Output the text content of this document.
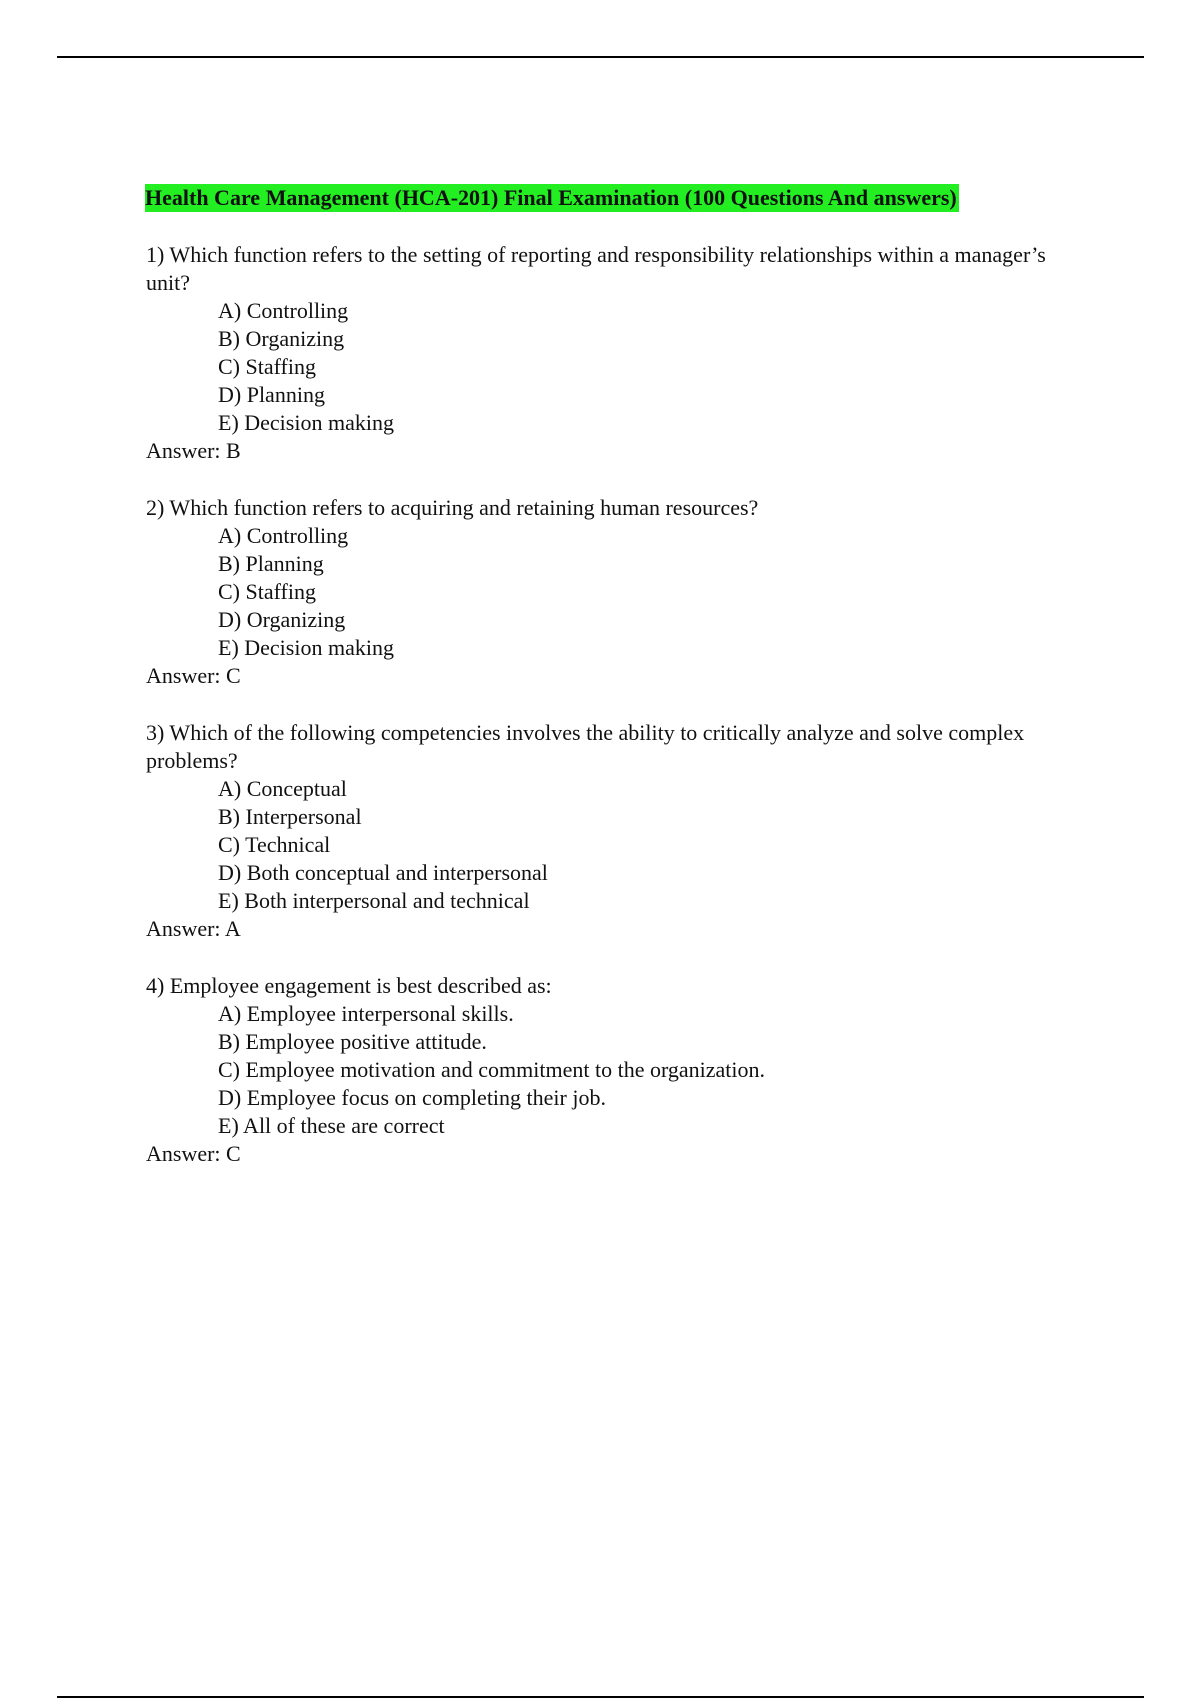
Health Care Management (HCA-201) Final Examination (100 Questions And answers)

1) Which function refers to the setting of reporting and responsibility relationships within a manager’s unit?

A) Controlling
B) Organizing
C) Staffing
D) Planning
E) Decision making

Answer: B

2) Which function refers to acquiring and retaining human resources?

A) Controlling
B) Planning
C) Staffing
D) Organizing
E) Decision making

Answer: C

3) Which of the following competencies involves the ability to critically analyze and solve complex problems?

A) Conceptual
B) Interpersonal
C) Technical
D) Both conceptual and interpersonal
E) Both interpersonal and technical

Answer: A

4) Employee engagement is best described as:

A) Employee interpersonal skills.
B) Employee positive attitude.
C) Employee motivation and commitment to the organization.
D) Employee focus on completing their job.
E) All of these are correct

Answer: C
